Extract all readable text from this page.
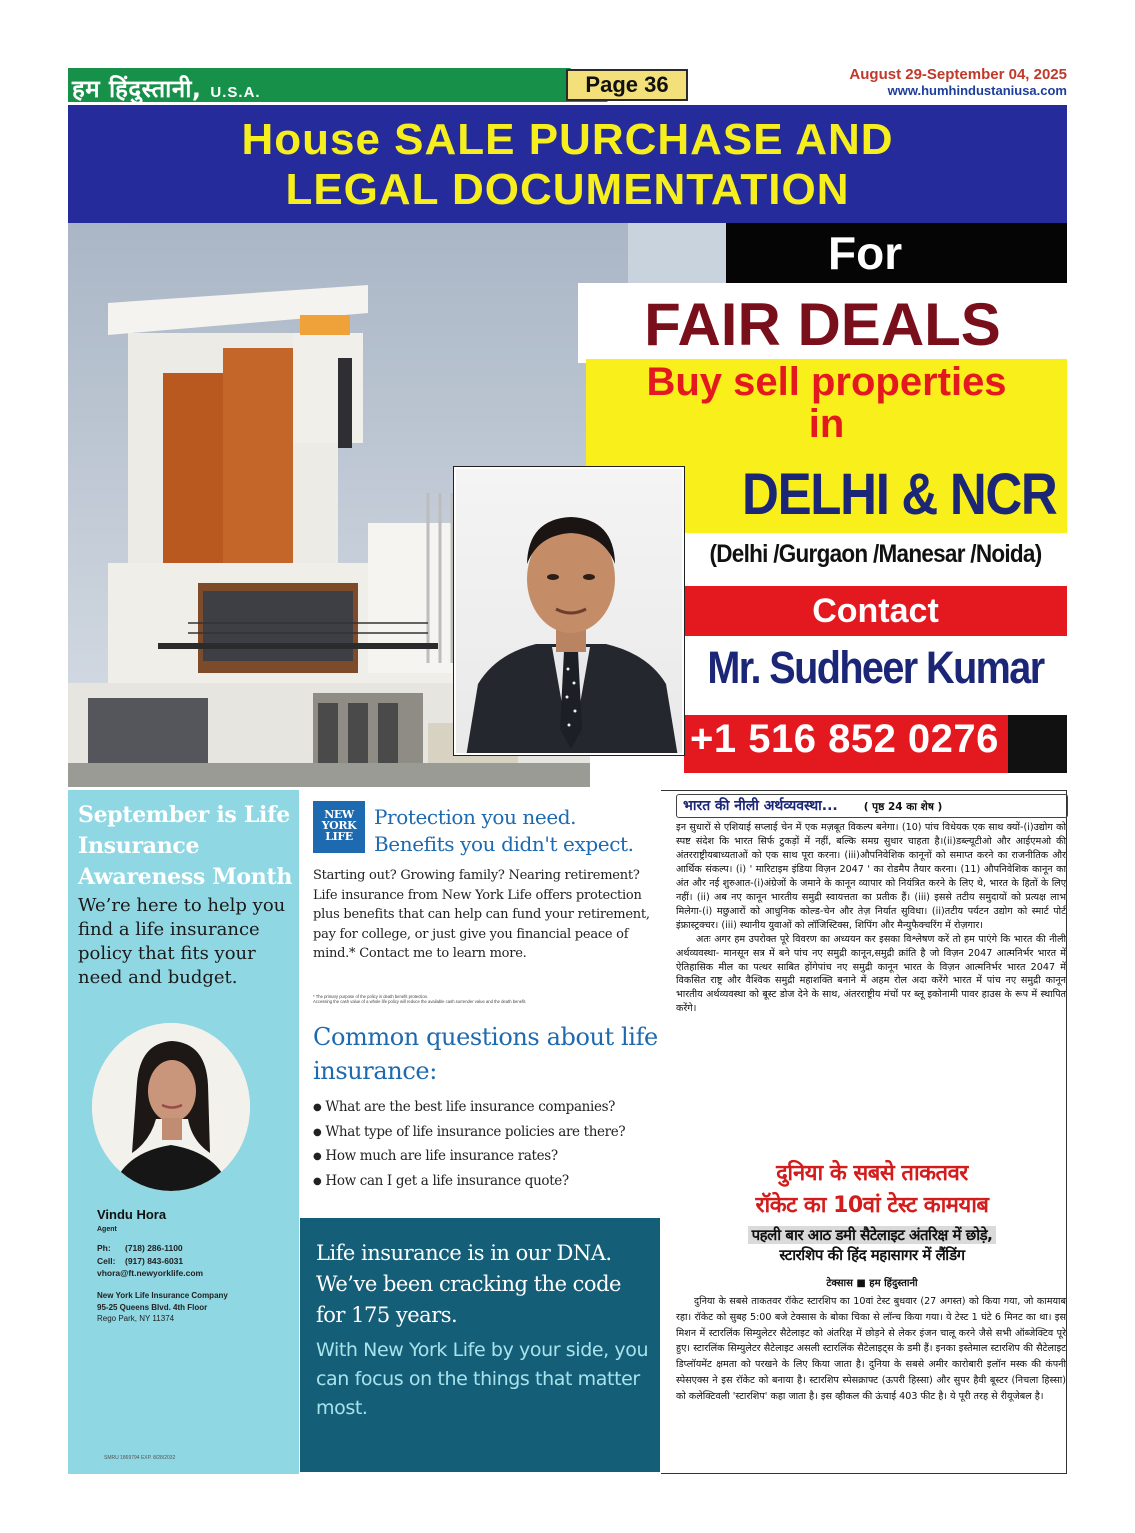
हम हिंदुस्तानी, U.S.A.	Page 36	August 29-September 04, 2025
www.humhindustaniusa.com
House SALE PURCHASE AND
LEGAL DOCUMENTATION
For
FAIR DEALS
Buy sell properties
in
DELHI & NCR
(Delhi /Gurgaon /Manesar /Noida)
Contact
Mr. Sudheer Kumar
+1 516 852 0276
September is Life Insurance Awareness Month
We’re here to help you find a life insurance policy that fits your need and budget.
Vindu Hora
Agent
Ph: (718) 286-1100
Cell: (917) 843-6031
vhora@ft.newyorklife.com
New York Life Insurance Company
95-25 Queens Blvd. 4th Floor
Rego Park, NY 11374
SMRU 1869794 EXP. 8/28/2032
NEW
YORK
LIFE
Protection you need.
Benefits you didn't expect.
Starting out? Growing family? Nearing retirement? Life insurance from New York Life offers protection plus benefits that can help can fund your retirement, pay for college, or just give you financial peace of mind.* Contact me to learn more.
* The primary purpose of the policy is death benefit protection.
Accessing the cash value of a whole life policy will reduce the available cash surrender value and the death benefit.
Common questions about life insurance:
● What are the best life insurance companies?
● What type of life insurance policies are there?
● How much are life insurance rates?
● How can I get a life insurance quote?
Life insurance is in our DNA. We’ve been cracking the code for 175 years.
With New York Life by your side, you can focus on the things that matter most.
भारत की नीली अर्थव्यवस्था... ( पृष्ठ 24 का शेष )

इन सुधारों से एशियाई सप्लाई चेन में एक मज़बूत विकल्प बनेगा। (10) पांच विधेयक एक साथ क्यों-(i)उद्योग को स्पष्ट संदेश कि भारत सिर्फ टुकड़ों में नहीं, बल्कि समग्र सुधार चाहता है।(ii)डब्ल्यूटीओ और आईएमओ की अंतरराष्ट्रीयबाध्यताओं को एक साथ पूरा करना। (iii)औपनिवेशिक कानूनों को समाप्त करने का राजनीतिक और आर्थिक संकल्प। (i) ' मारिटाइम इंडिया विज़न 2047 ' का रोडमैप तैयार करना। (11) औपनिवेशिक कानून का अंत और नई शुरुआत-(i)अंग्रेजों के जमाने के कानून व्यापार को नियंत्रित करने के लिए थे, भारत के हितों के लिए नहीं। (ii) अब नए कानून भारतीय समुद्री स्वायत्तता का प्रतीक हैं। (iii) इससे तटीय समुदायों को प्रत्यक्ष लाभ मिलेगा-(i) मछुआरों को आधुनिक कोल्ड-चेन और तेज़ निर्यात सुविधा। (ii)तटीय पर्यटन उद्योग को स्मार्ट पोर्ट इंफ्रास्ट्रक्चर। (iii) स्थानीय युवाओं को लॉजिस्टिक्स, शिपिंग और मैन्युफैक्चरिंग में रोज़गार।

अतः अगर हम उपरोक्त पूरे विवरण का अध्ययन कर इसका विश्लेषण करें तो हम पाएंगे कि भारत की नीली अर्थव्यवस्था- मानसून सत्र में बने पांच नए समुद्री कानून,समुद्री क्रांति है जो विज़न 2047 आत्मनिर्भर भारत में ऐतिहासिक मील का पत्थर साबित होंगेपांच नए समुद्री कानून भारत के विज़न आत्मनिर्भर भारत 2047 में विकसित राष्ट्र और वैश्विक समुद्री महाशक्ति बनाने में अहम रोल अदा करेंगे भारत में पांच नए समुद्री कानून भारतीय अर्थव्यवस्था को बूस्ट डोज देने के साथ, अंतरराष्ट्रीय मंचों पर ब्लू इकोनामी पावर हाउस के रूप में स्थापित करेंगे।

दुनिया के सबसे ताकतवर
रॉकेट का 10वां टेस्ट कामयाब
पहली बार आठ डमी सैटेलाइट अंतरिक्ष में छोड़े,
स्टारशिप की हिंद महासागर में लैंडिंग
टेक्सास ■ हम हिंदुस्तानी
दुनिया के सबसे ताकतवर रॉकेट स्टारशिप का 10वां टेस्ट बुधवार (27 अगस्त) को किया गया, जो कामयाब रहा। रॉकेट को सुबह 5:00 बजे टेक्सास के बोका चिका से लॉन्च किया गया। ये टेस्ट 1 घंटे 6 मिनट का था। इस मिशन में स्टारलिंक सिम्युलेटर सैटेलाइट को अंतरिक्ष में छोड़ने से लेकर इंजन चालू करने जैसे सभी ऑब्जेक्टिव पूरे हुए। स्टारलिंक सिम्युलेटर सैटेलाइट असली स्टारलिंक सैटेलाइट्स के डमी हैं। इनका इस्तेमाल स्टारशिप की सैटेलाइट डिप्लॉयमेंट क्षमता को परखने के लिए किया जाता है। दुनिया के सबसे अमीर कारोबारी इलॉन मस्क की कंपनी स्पेसएक्स ने इस रॉकेट को बनाया है। स्टारशिप स्पेसक्राफ्ट (ऊपरी हिस्सा) और सुपर हैवी बूस्टर (निचला हिस्सा) को कलेक्टिवली 'स्टारशिप' कहा जाता है। इस व्हीकल की ऊंचाई 403 फीट है। ये पूरी तरह से रीयूजेबल है।
